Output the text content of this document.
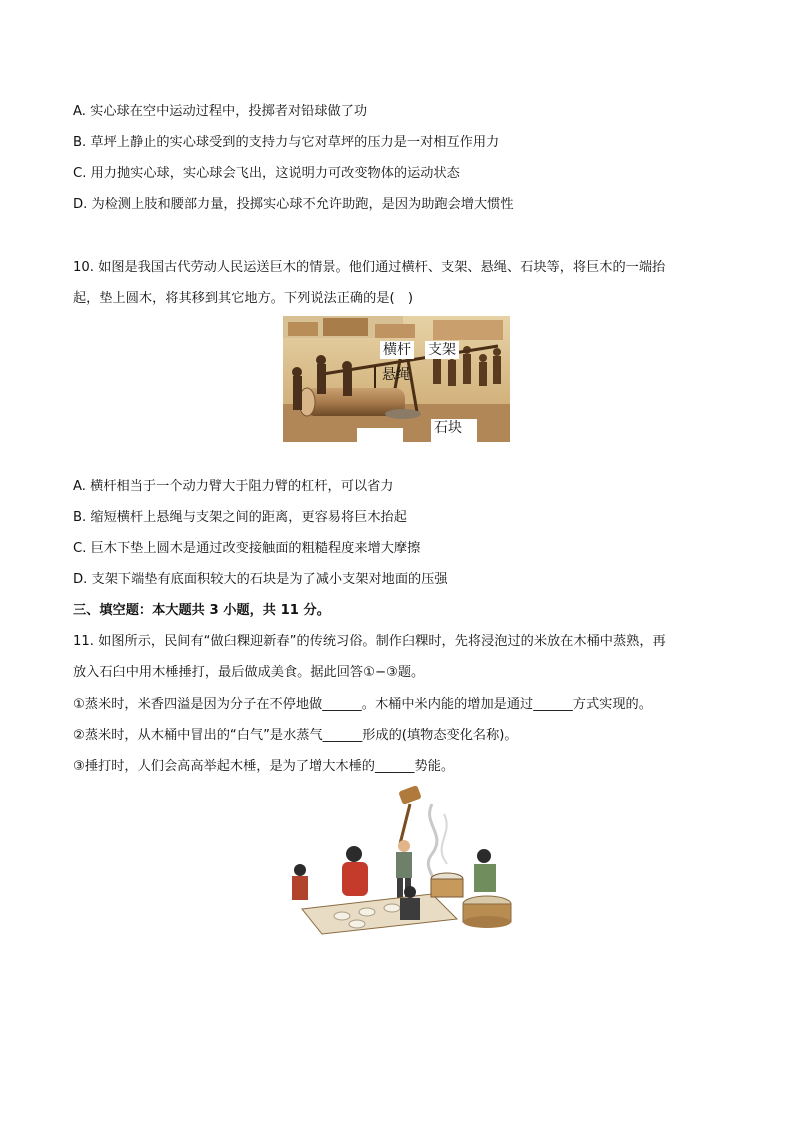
A. 实心球在空中运动过程中，投掷者对铅球做了功
B. 草坪上静止的实心球受到的支持力与它对草坪的压力是一对相互作用力
C. 用力抛实心球，实心球会飞出，这说明力可改变物体的运动状态
D. 为检测上肢和腰部力量，投掷实心球不允许助跑，是因为助跑会增大惯性
10. 如图是我国古代劳动人民运送巨木的情景。他们通过横杆、支架、悬绳、石块等，将巨木的一端抬
起，垫上圆木，将其移到其它地方。下列说法正确的是(　)
横杆 支架
悬绳
石块
A. 横杆相当于一个动力臂大于阻力臂的杠杆，可以省力
B. 缩短横杆上悬绳与支架之间的距离，更容易将巨木抬起
C. 巨木下垫上圆木是通过改变接触面的粗糙程度来增大摩擦
D. 支架下端垫有底面积较大的石块是为了减小支架对地面的压强
三、填空题：本大题共 3 小题，共 11 分。
11. 如图所示，民间有“做臼粿迎新春”的传统习俗。制作臼粿时，先将浸泡过的米放在木桶中蒸熟，再
放入石臼中用木棰捶打，最后做成美食。据此回答①−③题。
①蒸米时，米香四溢是因为分子在不停地做______。木桶中米内能的增加是通过______方式实现的。
②蒸米时，从木桶中冒出的“白气”是水蒸气______形成的(填物态变化名称)。
③捶打时，人们会高高举起木棰，是为了增大木棰的______势能。
